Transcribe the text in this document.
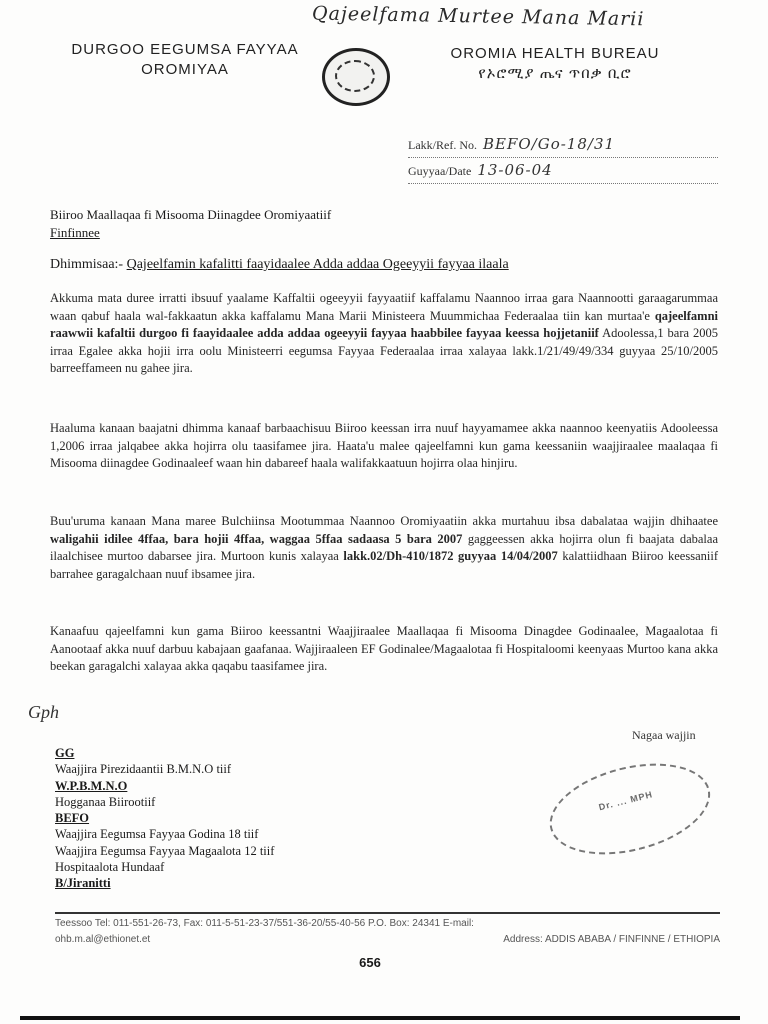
Qajeelfama Murtee Mana Marii
DURGOO EEGUMSA FAYYAA
OROMIYAA
OROMIA HEALTH BUREAU
የኦሮሚያ ጤና ጥበቃ ቢሮ
Lakk/Ref. No. BEFO/Go-18/31
Guyyaa/Date 13-06-04
Biiroo Maallaqaa fi Misooma Diinagdee Oromiyaatiif
Finfinnee
Dhimmisaa:- Qajeelfamin kafalitti faayidaalee Adda addaa Ogeeyyii fayyaa ilaala
Akkuma mata duree irratti ibsuuf yaalame Kaffaltii ogeeyyii fayyaatiif kaffalamu Naannoo irraa gara Naannootti garaagarummaa waan qabuf haala wal-fakkaatun akka kaffalamu Mana Marii Ministeera Muummichaa Federaalaa tiin kan murtaa'e qajeelfamni raawwii kafaltii durgoo fi faayidaalee adda addaa ogeeyyii fayyaa haabbilee fayyaa keessa hojjetaniif Adoolessa,1 bara 2005 irraa Egalee akka hojii irra oolu Ministeerri eegumsa Fayyaa Federaalaa irraa xalayaa lakk.1/21/49/49/334 guyyaa 25/10/2005 barreeffameen nu gahee jira.
Haaluma kanaan baajatni dhimma kanaaf barbaachisuu Biiroo keessan irra nuuf hayyamamee akka naannoo keenyatiis Adooleessa 1,2006 irraa jalqabee akka hojirra olu taasifamee jira. Haata'u malee qajeelfamni kun gama keessaniin waajjiraalee maalaqaa fi Misooma diinagdee Godinaaleef waan hin dabareef haala walifakkaatuun hojirra olaa hinjiru.
Buu'uruma kanaan Mana maree Bulchiinsa Mootummaa Naannoo Oromiyaatiin akka murtahuu ibsa dabalataa wajjin dhihaatee waligahii idilee 4ffaa, bara hojii 4ffaa, waggaa 5ffaa sadaasa 5 bara 2007 gaggeessen akka hojirra olun fi baajata dabalaa ilaalchisee murtoo dabarsee jira. Murtoon kunis xalayaa lakk.02/Dh-410/1872 guyyaa 14/04/2007 kalattiidhaan Biiroo keessaniif barrahee garagalchaan nuuf ibsamee jira.
Kanaafuu qajeelfamni kun gama Biiroo keessantni Waajjiraalee Maallaqaa fi Misooma Dinagdee Godinaalee, Magaalotaa fi Aanootaaf akka nuuf darbuu kabajaan gaafanaa. Wajjiraaleen EF Godinalee/Magaalotaa fi Hospitaloomi keenyaas Murtoo kana akka beekan garagalchi xalayaa akka qaqabu taasifamee jira.
Gph
Nagaa wajjin
GG
Waajjira Pirezidaantii B.M.N.O tiif
W.P.B.M.N.O
Hogganaa Biirootiif
BEFO
Waajjira Eegumsa Fayyaa Godina 18 tiif
Waajjira Eegumsa Fayyaa Magaalota 12 tiif
Hospitaalota Hundaaf
B/Jiranitti
Dr. ... MPH
Teessoo Tel: 011-551-26-73, Fax: 011-5-51-23-37/551-36-20/55-40-56 P.O. Box: 24341 E-mail:
ohb.m.al@ethionet.et	Address: ADDIS ABABA / FINFINNE / ETHIOPIA
656
